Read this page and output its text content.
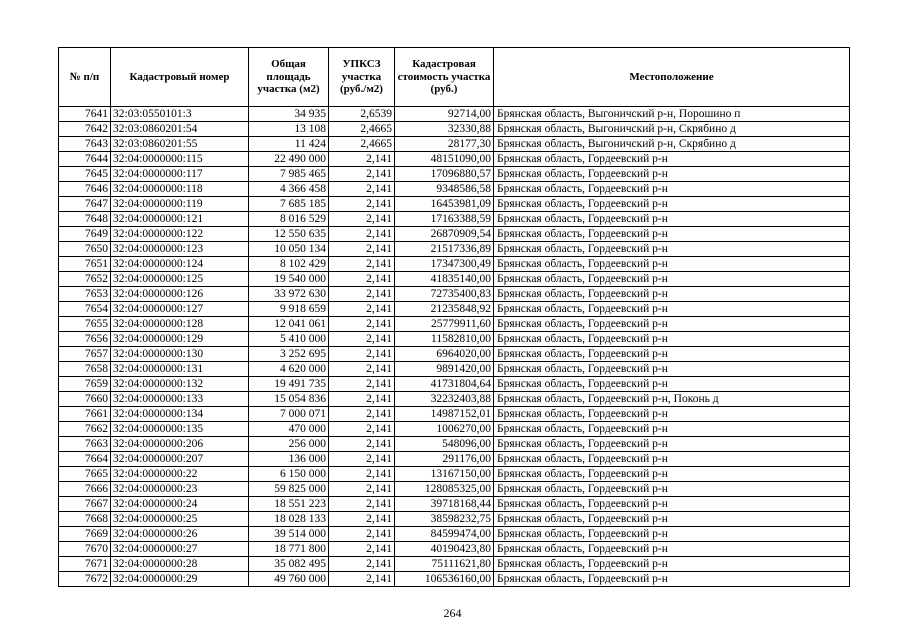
№ п/п	Кадастровый номер	Общая площадь участка (м2)	УПКСЗ участка (руб./м2)	Кадастровая стоимость участка (руб.)	Местоположение
7641	32:03:0550101:3	34 935	2,6539	92714,00	Брянская область, Выгоничский р-н, Порошино п
7642	32:03:0860201:54	13 108	2,4665	32330,88	Брянская область, Выгоничский р-н, Скрябино д
7643	32:03:0860201:55	11 424	2,4665	28177,30	Брянская область, Выгоничский р-н, Скрябино д
7644	32:04:0000000:115	22 490 000	2,141	48151090,00	Брянская область, Гордеевский р-н
7645	32:04:0000000:117	7 985 465	2,141	17096880,57	Брянская область, Гордеевский р-н
7646	32:04:0000000:118	4 366 458	2,141	9348586,58	Брянская область, Гордеевский р-н
7647	32:04:0000000:119	7 685 185	2,141	16453981,09	Брянская область, Гордеевский р-н
7648	32:04:0000000:121	8 016 529	2,141	17163388,59	Брянская область, Гордеевский р-н
7649	32:04:0000000:122	12 550 635	2,141	26870909,54	Брянская область, Гордеевский р-н
7650	32:04:0000000:123	10 050 134	2,141	21517336,89	Брянская область, Гордеевский р-н
7651	32:04:0000000:124	8 102 429	2,141	17347300,49	Брянская область, Гордеевский р-н
7652	32:04:0000000:125	19 540 000	2,141	41835140,00	Брянская область, Гордеевский р-н
7653	32:04:0000000:126	33 972 630	2,141	72735400,83	Брянская область, Гордеевский р-н
7654	32:04:0000000:127	9 918 659	2,141	21235848,92	Брянская область, Гордеевский р-н
7655	32:04:0000000:128	12 041 061	2,141	25779911,60	Брянская область, Гордеевский р-н
7656	32:04:0000000:129	5 410 000	2,141	11582810,00	Брянская область, Гордеевский р-н
7657	32:04:0000000:130	3 252 695	2,141	6964020,00	Брянская область, Гордеевский р-н
7658	32:04:0000000:131	4 620 000	2,141	9891420,00	Брянская область, Гордеевский р-н
7659	32:04:0000000:132	19 491 735	2,141	41731804,64	Брянская область, Гордеевский р-н
7660	32:04:0000000:133	15 054 836	2,141	32232403,88	Брянская область, Гордеевский р-н, Поконь д
7661	32:04:0000000:134	7 000 071	2,141	14987152,01	Брянская область, Гордеевский р-н
7662	32:04:0000000:135	470 000	2,141	1006270,00	Брянская область, Гордеевский р-н
7663	32:04:0000000:206	256 000	2,141	548096,00	Брянская область, Гордеевский р-н
7664	32:04:0000000:207	136 000	2,141	291176,00	Брянская область, Гордеевский р-н
7665	32:04:0000000:22	6 150 000	2,141	13167150,00	Брянская область, Гордеевский р-н
7666	32:04:0000000:23	59 825 000	2,141	128085325,00	Брянская область, Гордеевский р-н
7667	32:04:0000000:24	18 551 223	2,141	39718168,44	Брянская область, Гордеевский р-н
7668	32:04:0000000:25	18 028 133	2,141	38598232,75	Брянская область, Гордеевский р-н
7669	32:04:0000000:26	39 514 000	2,141	84599474,00	Брянская область, Гордеевский р-н
7670	32:04:0000000:27	18 771 800	2,141	40190423,80	Брянская область, Гордеевский р-н
7671	32:04:0000000:28	35 082 495	2,141	75111621,80	Брянская область, Гордеевский р-н
7672	32:04:0000000:29	49 760 000	2,141	106536160,00	Брянская область, Гордеевский р-н
264
